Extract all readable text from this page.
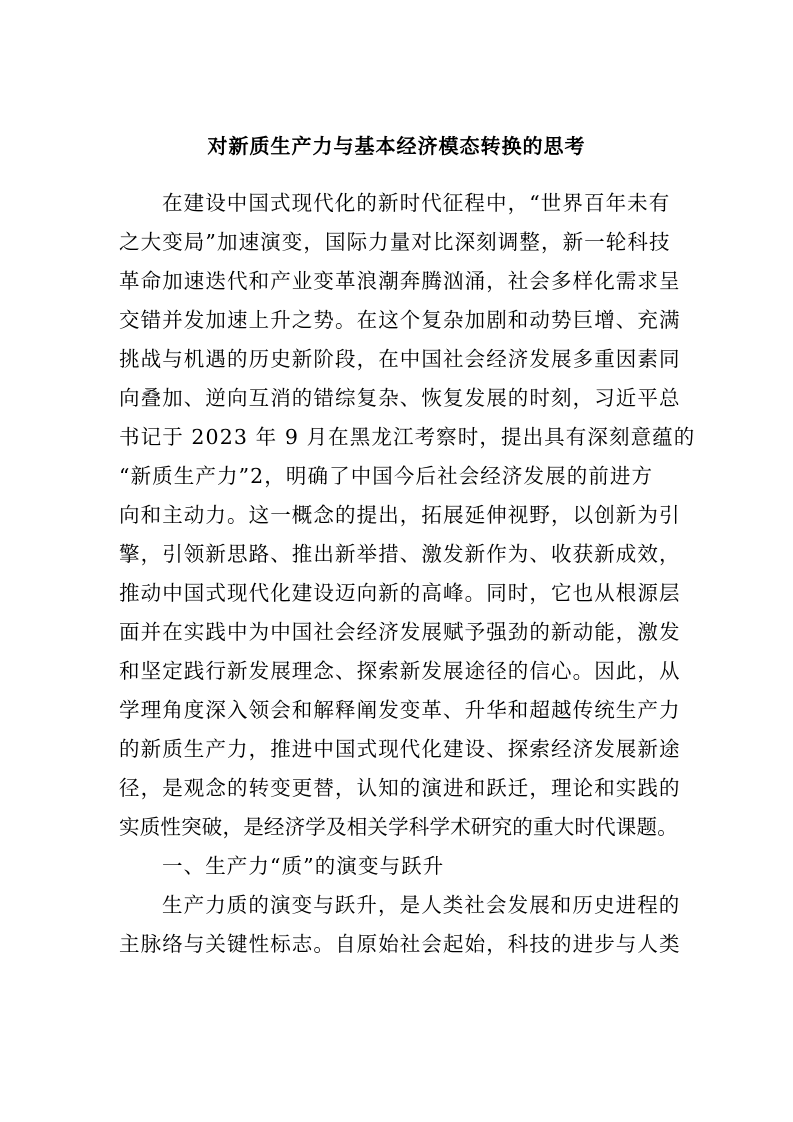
对新质生产力与基本经济模态转换的思考
在建设中国式现代化的新时代征程中，“世界百年未有
之大变局”加速演变，国际力量对比深刻调整，新一轮科技
革命加速迭代和产业变革浪潮奔腾汹涌，社会多样化需求呈
交错并发加速上升之势。在这个复杂加剧和动势巨增、充满
挑战与机遇的历史新阶段，在中国社会经济发展多重因素同
向叠加、逆向互消的错综复杂、恢复发展的时刻，习近平总
书记于 2023 年 9 月在黑龙江考察时，提出具有深刻意蕴的
“新质生产力”2，明确了中国今后社会经济发展的前进方
向和主动力。这一概念的提出，拓展延伸视野，以创新为引
擎，引领新思路、推出新举措、激发新作为、收获新成效，
推动中国式现代化建设迈向新的高峰。同时，它也从根源层
面并在实践中为中国社会经济发展赋予强劲的新动能，激发
和坚定践行新发展理念、探索新发展途径的信心。因此，从
学理角度深入领会和解释阐发变革、升华和超越传统生产力
的新质生产力，推进中国式现代化建设、探索经济发展新途
径，是观念的转变更替，认知的演进和跃迁，理论和实践的
实质性突破，是经济学及相关学科学术研究的重大时代课题。
一、生产力“质”的演变与跃升
生产力质的演变与跃升，是人类社会发展和历史进程的
主脉络与关键性标志。自原始社会起始，科技的进步与人类
